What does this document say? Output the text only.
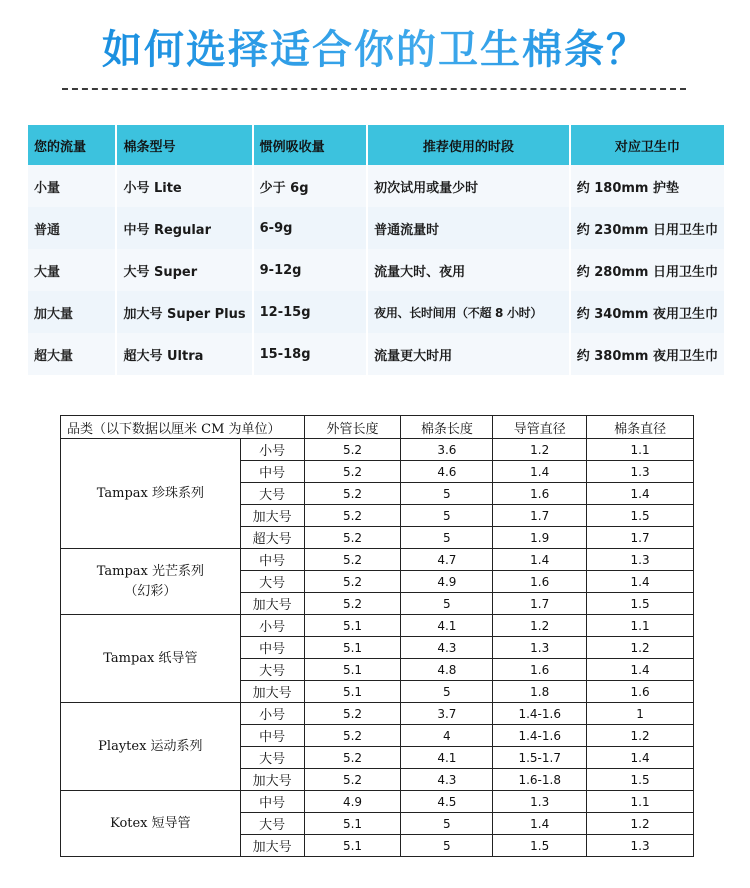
如何选择适合你的卫生棉条？
您的流量	棉条型号	惯例吸收量	推荐使用的时段	对应卫生巾
小量	小号 Lite	少于 6g	初次试用或量少时	约 180mm 护垫
普通	中号 Regular	6-9g	普通流量时	约 230mm 日用卫生巾
大量	大号 Super	9-12g	流量大时、夜用	约 280mm 日用卫生巾
加大量	加大号 Super Plus	12-15g	夜用、长时间用（不超 8 小时）	约 340mm 夜用卫生巾
超大量	超大号 Ultra	15-18g	流量更大时用	约 380mm 夜用卫生巾
品类（以下数据以厘米 CM 为单位）		外管长度	棉条长度	导管直径	棉条直径
Tampax 珍珠系列	小号	5.2	3.6	1.2	1.1
	中号	5.2	4.6	1.4	1.3
	大号	5.2	5	1.6	1.4
	加大号	5.2	5	1.7	1.5
	超大号	5.2	5	1.9	1.7
Tampax 光芒系列
（幻彩）	中号	5.2	4.7	1.4	1.3
	大号	5.2	4.9	1.6	1.4
	加大号	5.2	5	1.7	1.5
Tampax 纸导管	小号	5.1	4.1	1.2	1.1
	中号	5.1	4.3	1.3	1.2
	大号	5.1	4.8	1.6	1.4
	加大号	5.1	5	1.8	1.6
Playtex 运动系列	小号	5.2	3.7	1.4-1.6	1
	中号	5.2	4	1.4-1.6	1.2
	大号	5.2	4.1	1.5-1.7	1.4
	加大号	5.2	4.3	1.6-1.8	1.5
Kotex 短导管	中号	4.9	4.5	1.3	1.1
	大号	5.1	5	1.4	1.2
	加大号	5.1	5	1.5	1.3
